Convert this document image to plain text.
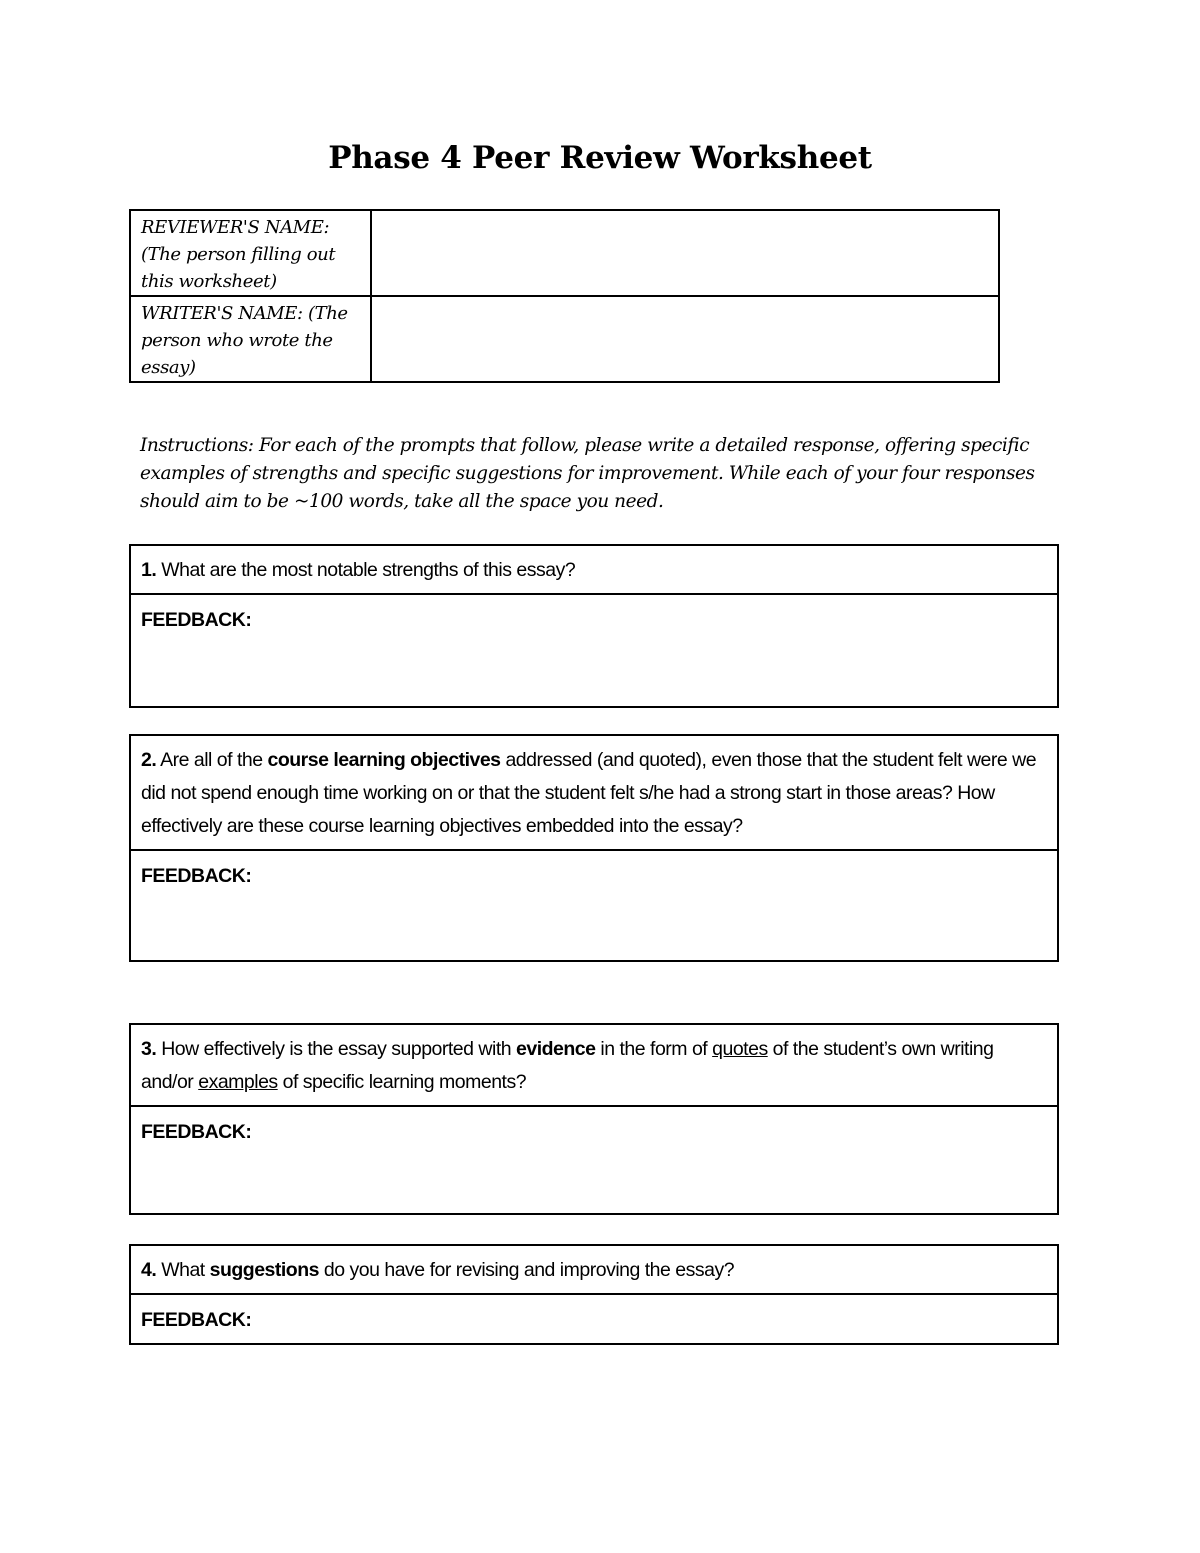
Phase 4 Peer Review Worksheet
REVIEWER'S NAME: (The person filling out this worksheet)	
WRITER'S NAME: (The person who wrote the essay)	
Instructions: For each of the prompts that follow, please write a detailed response, offering specific examples of strengths and specific suggestions for improvement. While each of your four responses should aim to be ~100 words, take all the space you need.
1. What are the most notable strengths of this essay?
FEEDBACK:
2. Are all of the course learning objectives addressed (and quoted), even those that the student felt were we did not spend enough time working on or that the student felt s/he had a strong start in those areas? How effectively are these course learning objectives embedded into the essay?
FEEDBACK:
3. How effectively is the essay supported with evidence in the form of quotes of the student’s own writing and/or examples of specific learning moments?
FEEDBACK:
4. What suggestions do you have for revising and improving the essay?
FEEDBACK:
